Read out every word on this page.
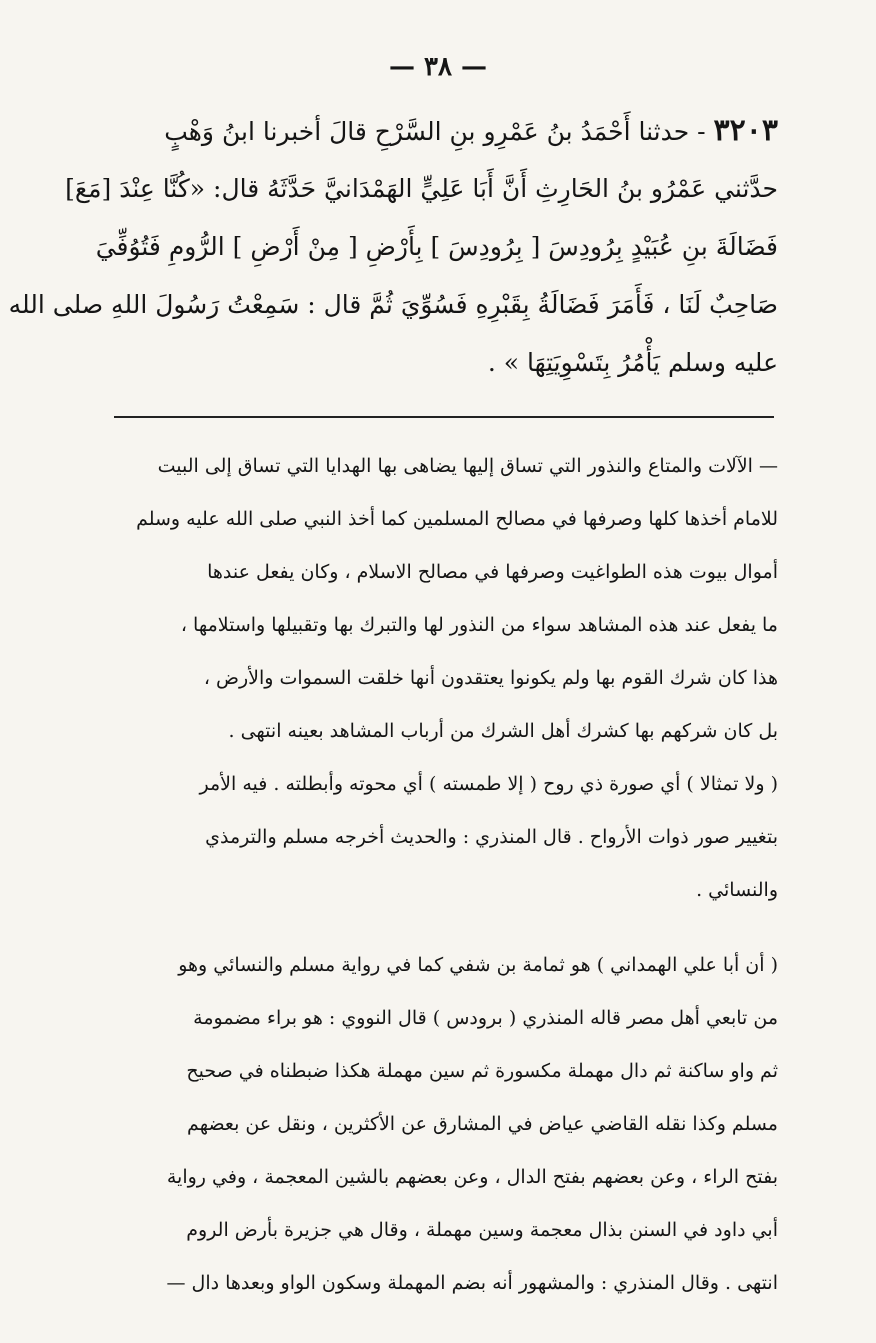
— ٣٨ —
٣٢٠٣ - حدثنا أَحْمَدُ بنُ عَمْرِو بنِ السَّرْحِ قالَ أخبرنا ابنُ وَهْبٍ
حدَّثني عَمْرُو بنُ الحَارِثِ أَنَّ أَبَا عَلِيٍّ الهَمْدَانيَّ حَدَّثَهُ قال: «كُنَّا عِنْدَ [مَعَ]
فَضَالَةَ بنِ عُبَيْدٍ بِرُودِسَ [ بِرُودِسَ ] بِأَرْضِ [ مِنْ أَرْضِ ] الرُّومِ فَتُوُفِّيَ
صَاحِبٌ لَنَا ، فَأَمَرَ فَضَالَةُ بِقَبْرِهِ فَسُوِّيَ ثُمَّ قال : سَمِعْتُ رَسُولَ اللهِ صلى الله
عليه وسلم يَأْمُرُ بِتَسْوِيَتِهَا » .
— الآلات والمتاع والنذور التي تساق إليها يضاهى بها الهدايا التي تساق إلى البيت
للامام أخذها كلها وصرفها في مصالح المسلمين كما أخذ النبي صلى الله عليه وسلم
أموال بيوت هذه الطواغيت وصرفها في مصالح الاسلام ، وكان يفعل عندها
ما يفعل عند هذه المشاهد سواء من النذور لها والتبرك بها وتقبيلها واستلامها ،
هذا كان شرك القوم بها ولم يكونوا يعتقدون أنها خلقت السموات والأرض ،
بل كان شركهم بها كشرك أهل الشرك من أرباب المشاهد بعينه انتهى .
( ولا تمثالا ) أي صورة ذي روح ( إلا طمسته ) أي محوته وأبطلته . فيه الأمر
بتغيير صور ذوات الأرواح . قال المنذري : والحديث أخرجه مسلم والترمذي
والنسائي .
( أن أبا علي الهمداني ) هو ثمامة بن شفي كما في رواية مسلم والنسائي وهو
من تابعي أهل مصر قاله المنذري ( برودس ) قال النووي : هو براء مضمومة
ثم واو ساكنة ثم دال مهملة مكسورة ثم سين مهملة هكذا ضبطناه في صحيح
مسلم وكذا نقله القاضي عياض في المشارق عن الأكثرين ، ونقل عن بعضهم
بفتح الراء ، وعن بعضهم بفتح الدال ، وعن بعضهم بالشين المعجمة ، وفي رواية
أبي داود في السنن بذال معجمة وسين مهملة ، وقال هي جزيرة بأرض الروم
انتهى . وقال المنذري : والمشهور أنه بضم المهملة وسكون الواو وبعدها دال —
